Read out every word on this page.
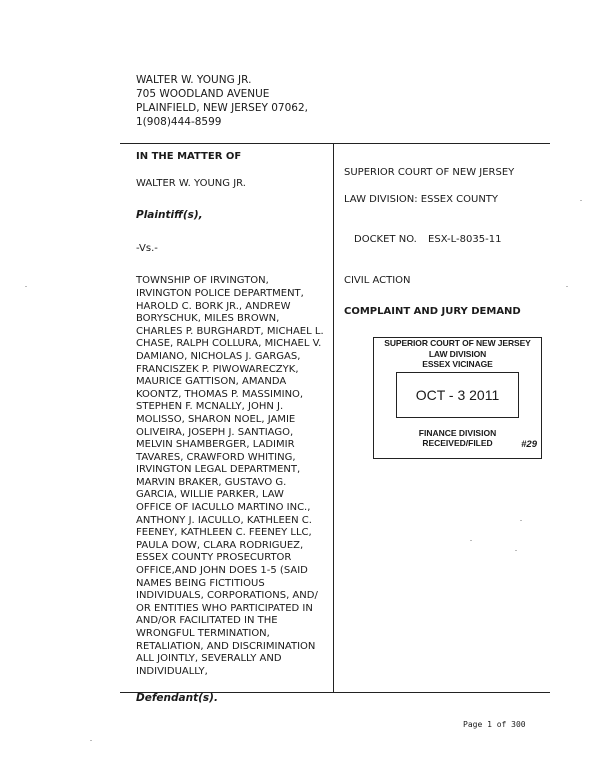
WALTER W. YOUNG JR.
705 WOODLAND AVENUE
PLAINFIELD, NEW JERSEY 07062,
1(908)444-8599
IN THE MATTER OF
WALTER W. YOUNG JR.
Plaintiff(s),
-Vs.-
TOWNSHIP OF IRVINGTON,
IRVINGTON POLICE DEPARTMENT,
HAROLD C. BORK JR., ANDREW
BORYSCHUK, MILES BROWN,
CHARLES P. BURGHARDT, MICHAEL L.
CHASE, RALPH COLLURA, MICHAEL V.
DAMIANO, NICHOLAS J. GARGAS,
FRANCISZEK P. PIWOWARECZYK,
MAURICE GATTISON, AMANDA
KOONTZ, THOMAS P. MASSIMINO,
STEPHEN F. MCNALLY, JOHN J.
MOLISSO, SHARON NOEL, JAMIE
OLIVEIRA, JOSEPH J. SANTIAGO,
MELVIN SHAMBERGER, LADIMIR
TAVARES, CRAWFORD WHITING,
IRVINGTON LEGAL DEPARTMENT,
MARVIN BRAKER, GUSTAVO G.
GARCIA, WILLIE PARKER, LAW
OFFICE OF IACULLO MARTINO INC.,
ANTHONY J. IACULLO, KATHLEEN C.
FEENEY, KATHLEEN C. FEENEY LLC,
PAULA DOW, CLARA RODRIGUEZ,
ESSEX COUNTY PROSECURTOR
OFFICE,AND JOHN DOES 1-5 (SAID
NAMES BEING FICTITIOUS
INDIVIDUALS, CORPORATIONS, AND/
OR ENTITIES WHO PARTICIPATED IN
AND/OR FACILITATED IN THE
WRONGFUL TERMINATION,
RETALIATION, AND DISCRIMINATION
ALL JOINTLY, SEVERALLY AND
INDIVIDUALLY,
Defendant(s).
SUPERIOR COURT OF NEW JERSEY
LAW DIVISION: ESSEX COUNTY
DOCKET NO. ESX-L-8035-11
CIVIL ACTION
COMPLAINT AND JURY DEMAND
SUPERIOR COURT OF NEW JERSEY
LAW DIVISION
ESSEX VICINAGE
OCT - 3 2011
FINANCE DIVISION
RECEIVED/FILED	#29
Page 1 of 300
